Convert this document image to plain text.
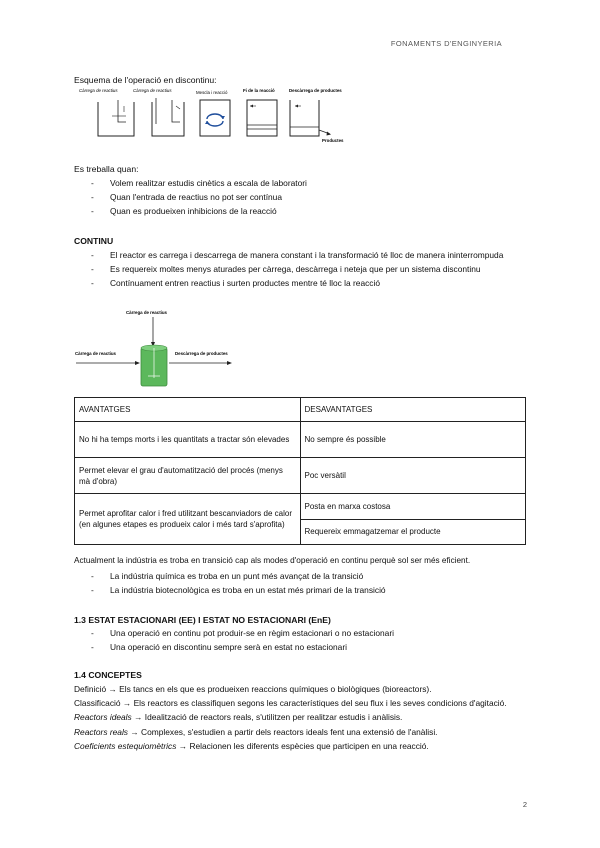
FONAMENTS D'ENGINYERIA
Esquema de l'operació en discontinu:
Càrrega de reactius	Càrrega de reactius	Mescla i reacció	Fi de la reacció	Descàrrega de productes
Productes
Es treballa quan:
- Volem realitzar estudis cinètics a escala de laboratori
- Quan l'entrada de reactius no pot ser contínua
- Quan es produeixen inhibicions de la reacció
CONTINU
- El reactor es carrega i descarrega de manera constant i la transformació té lloc de manera ininterrompuda
- Es requereix moltes menys aturades per càrrega, descàrrega i neteja que per un sistema discontinu
- Contínuament entren reactius i surten productes mentre té lloc la reacció
Càrrega de reactius
Càrrega de reactius	Descàrrega de productes
AVANTATGES	DESAVANTATGES
No hi ha temps morts i les quantitats a tractar són elevades	No sempre és possible
Permet elevar el grau d'automatització del procés (menys mà d'obra)	Poc versàtil
Permet aprofitar calor i fred utilitzant bescanviadors de calor (en algunes etapes es produeix calor i més tard s'aprofita)	Posta en marxa costosa
	Requereix emmagatzemar el producte
Actualment la indústria es troba en transició cap als modes d'operació en continu perquè sol ser més eficient.
- La indústria química es troba en un punt més avançat de la transició
- La indústria biotecnològica es troba en un estat més primari de la transició
1.3 ESTAT ESTACIONARI (EE) I ESTAT NO ESTACIONARI (EnE)
- Una operació en continu pot produir-se en règim estacionari o no estacionari
- Una operació en discontinu sempre serà en estat no estacionari
1.4 CONCEPTES
Definició → Els tancs en els que es produeixen reaccions químiques o biològiques (bioreactors).
Classificació → Els reactors es classifiquen segons les característiques del seu flux i les seves condicions d'agitació.
Reactors ideals → Idealització de reactors reals, s'utilitzen per realitzar estudis i anàlisis.
Reactors reals → Complexes, s'estudien a partir dels reactors ideals fent una extensió de l'anàlisi.
Coeficients estequiomètrics → Relacionen les diferents espècies que participen en una reacció.
2
